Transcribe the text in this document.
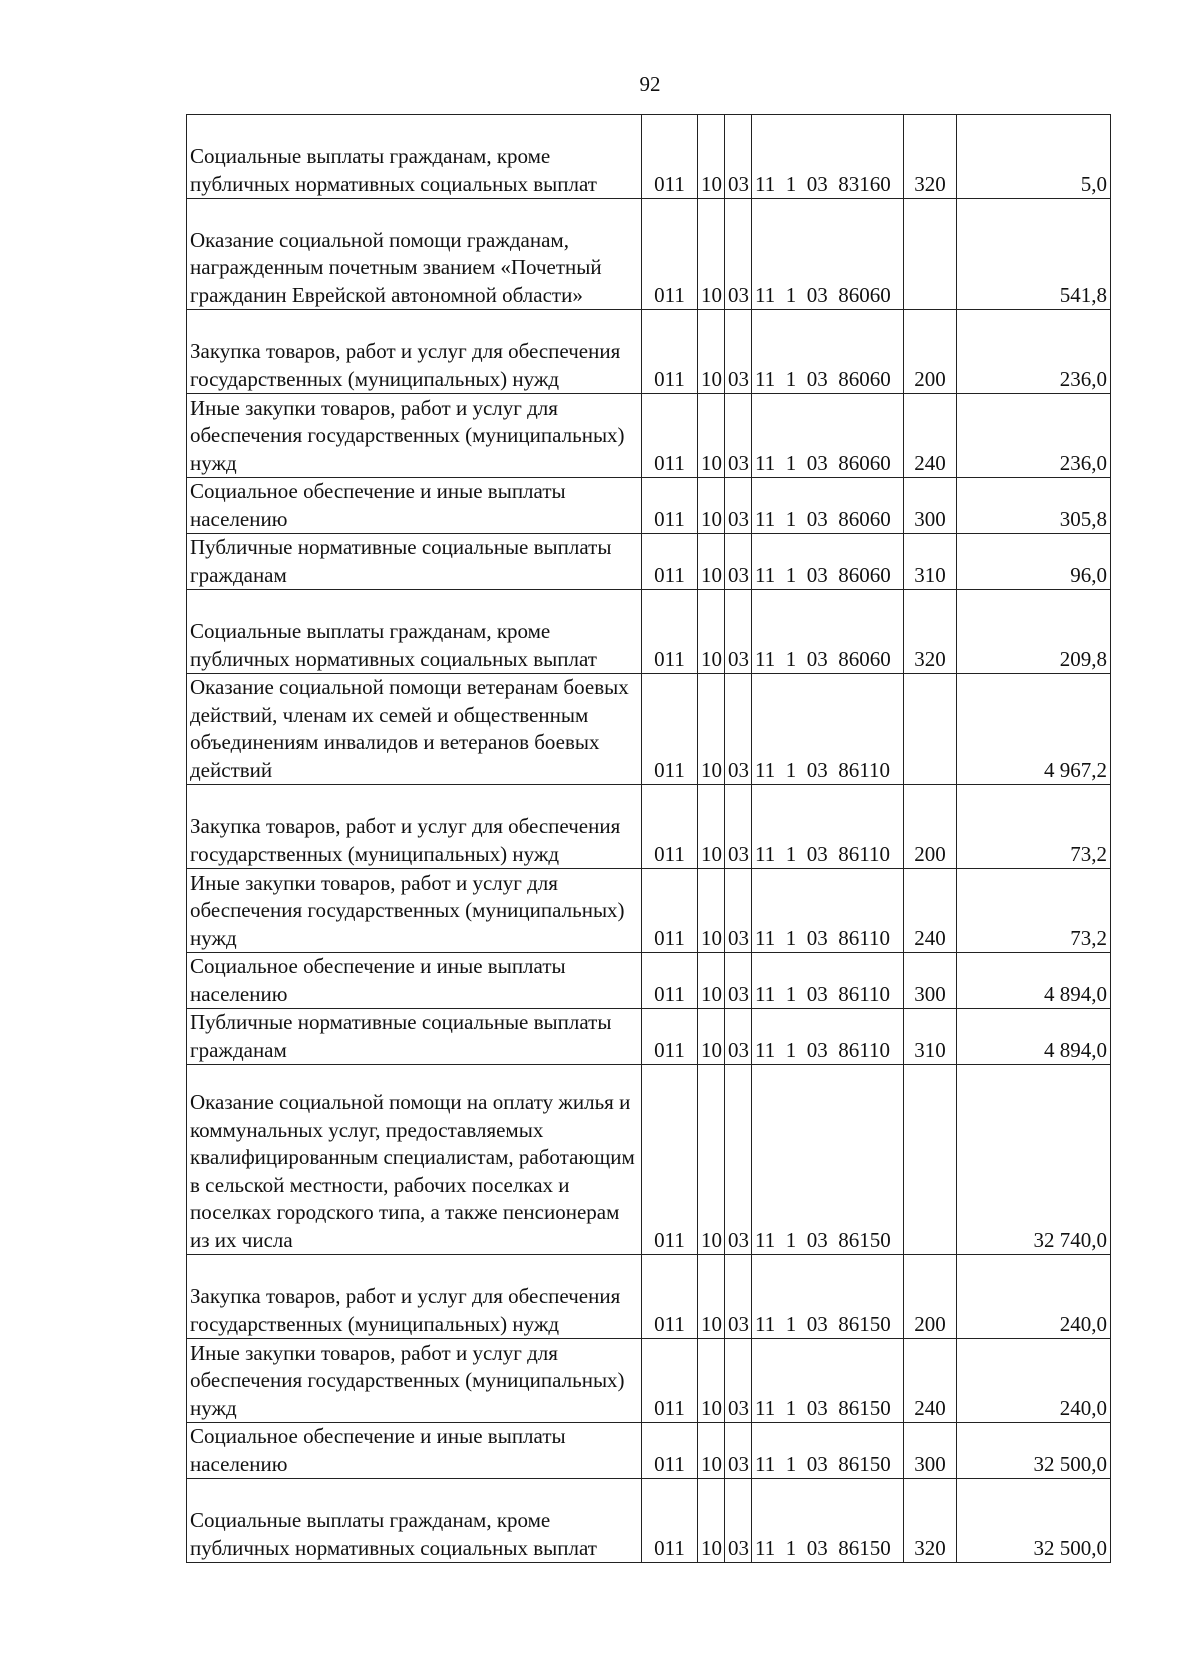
92
Социальные выплаты гражданам, кроме публичных нормативных социальных выплат	011	10	03	11  1  03  83160	320	5,0
Оказание социальной помощи гражданам, награжденным почетным званием «Почетный гражданин Еврейской автономной области»	011	10	03	11  1  03  86060		541,8
Закупка товаров, работ и услуг для обеспечения государственных (муниципальных) нужд	011	10	03	11  1  03  86060	200	236,0
Иные закупки товаров, работ и услуг для обеспечения государственных (муниципальных) нужд	011	10	03	11  1  03  86060	240	236,0
Социальное обеспечение и иные выплаты населению	011	10	03	11  1  03  86060	300	305,8
Публичные нормативные социальные выплаты гражданам	011	10	03	11  1  03  86060	310	96,0
Социальные выплаты гражданам, кроме публичных нормативных социальных выплат	011	10	03	11  1  03  86060	320	209,8
Оказание социальной помощи ветеранам боевых действий, членам их семей и общественным объединениям инвалидов и ветеранов боевых действий	011	10	03	11  1  03  86110		4 967,2
Закупка товаров, работ и услуг для обеспечения государственных (муниципальных) нужд	011	10	03	11  1  03  86110	200	73,2
Иные закупки товаров, работ и услуг для обеспечения государственных (муниципальных) нужд	011	10	03	11  1  03  86110	240	73,2
Социальное обеспечение и иные выплаты населению	011	10	03	11  1  03  86110	300	4 894,0
Публичные нормативные социальные выплаты гражданам	011	10	03	11  1  03  86110	310	4 894,0
Оказание социальной помощи на оплату жилья и коммунальных услуг, предоставляемых квалифицированным специалистам, работающим в сельской местности, рабочих поселках и поселках городского типа, а также пенсионерам из их числа	011	10	03	11  1  03  86150		32 740,0
Закупка товаров, работ и услуг для обеспечения государственных (муниципальных) нужд	011	10	03	11  1  03  86150	200	240,0
Иные закупки товаров, работ и услуг для обеспечения государственных (муниципальных) нужд	011	10	03	11  1  03  86150	240	240,0
Социальное обеспечение и иные выплаты населению	011	10	03	11  1  03  86150	300	32 500,0
Социальные выплаты гражданам, кроме публичных нормативных социальных выплат	011	10	03	11  1  03  86150	320	32 500,0
